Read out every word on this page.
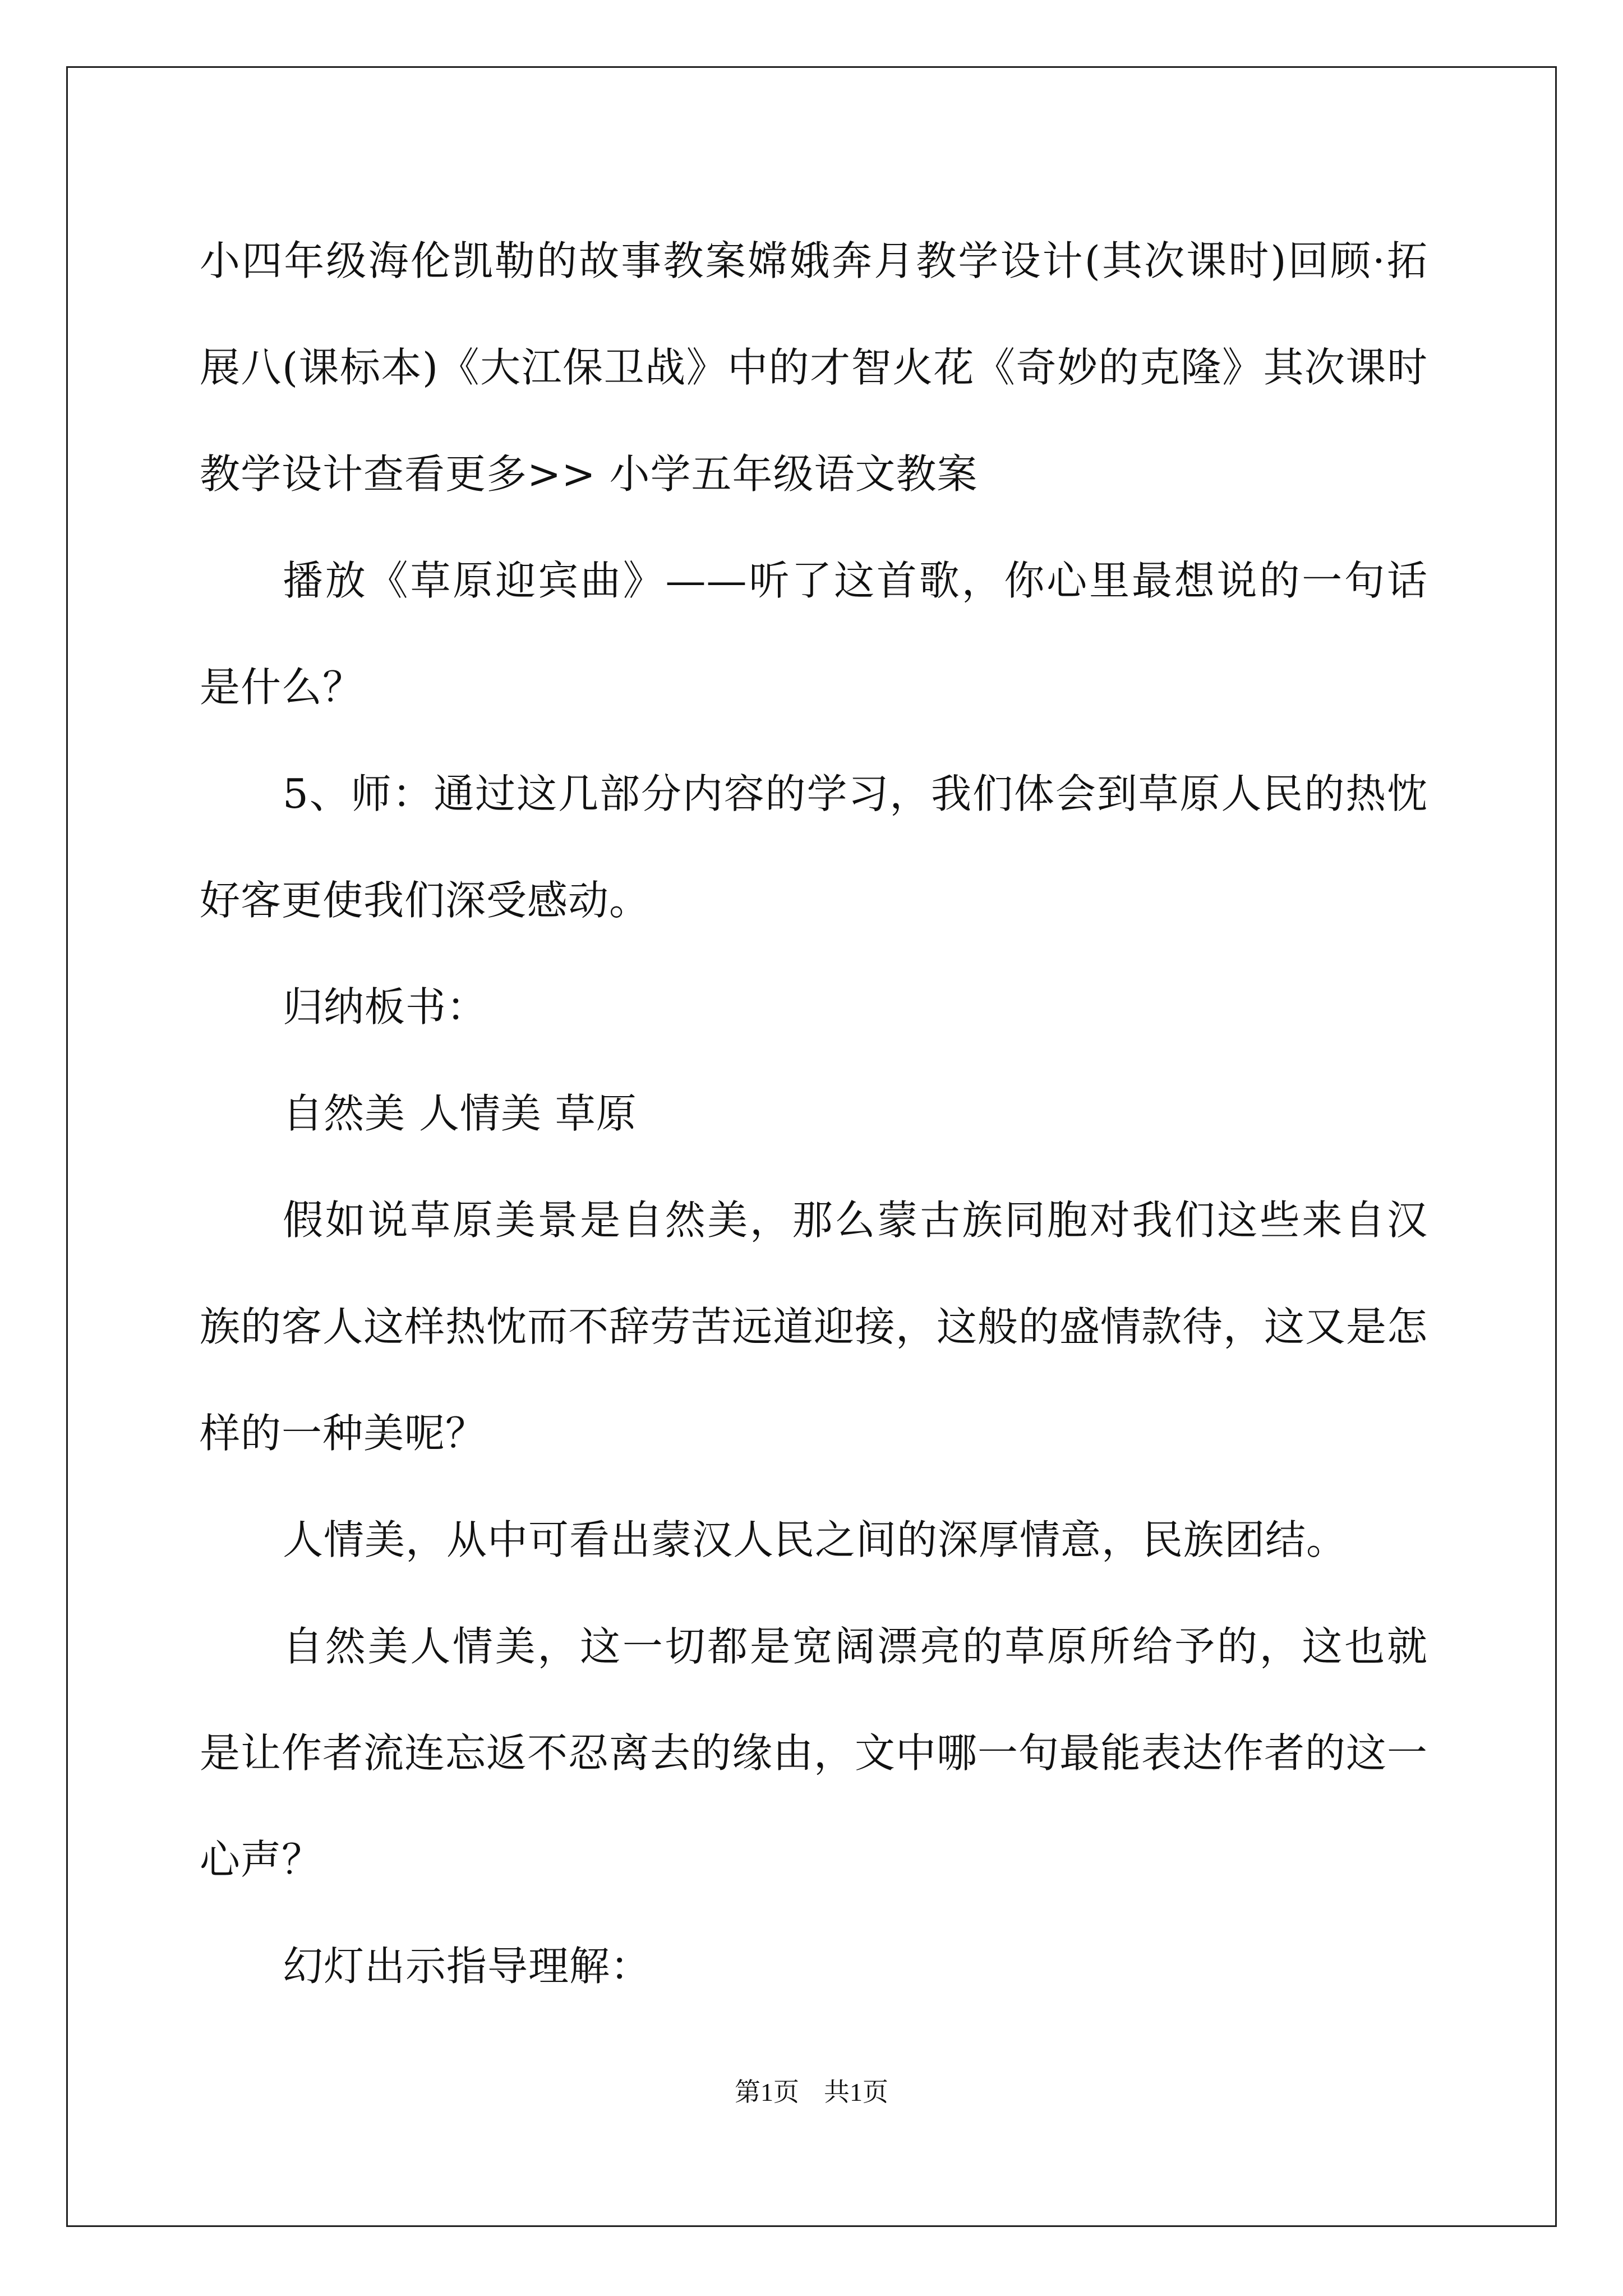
小四年级海伦凯勒的故事教案嫦娥奔月教学设计(其次课时)回顾·拓展八(课标本)《大江保卫战》中的才智火花《奇妙的克隆》其次课时教学设计查看更多>> 小学五年级语文教案

播放《草原迎宾曲》——听了这首歌，你心里最想说的一句话是什么？

5、师：通过这几部分内容的学习，我们体会到草原人民的热忱好客更使我们深受感动。

归纳板书：

自然美 人情美 草原

假如说草原美景是自然美，那么蒙古族同胞对我们这些来自汉族的客人这样热忱而不辞劳苦远道迎接，这般的盛情款待，这又是怎样的一种美呢？

人情美，从中可看出蒙汉人民之间的深厚情意，民族团结。

自然美人情美，这一切都是宽阔漂亮的草原所给予的，这也就是让作者流连忘返不忍离去的缘由，文中哪一句最能表达作者的这一心声？

幻灯出示指导理解：

第1页 共1页
